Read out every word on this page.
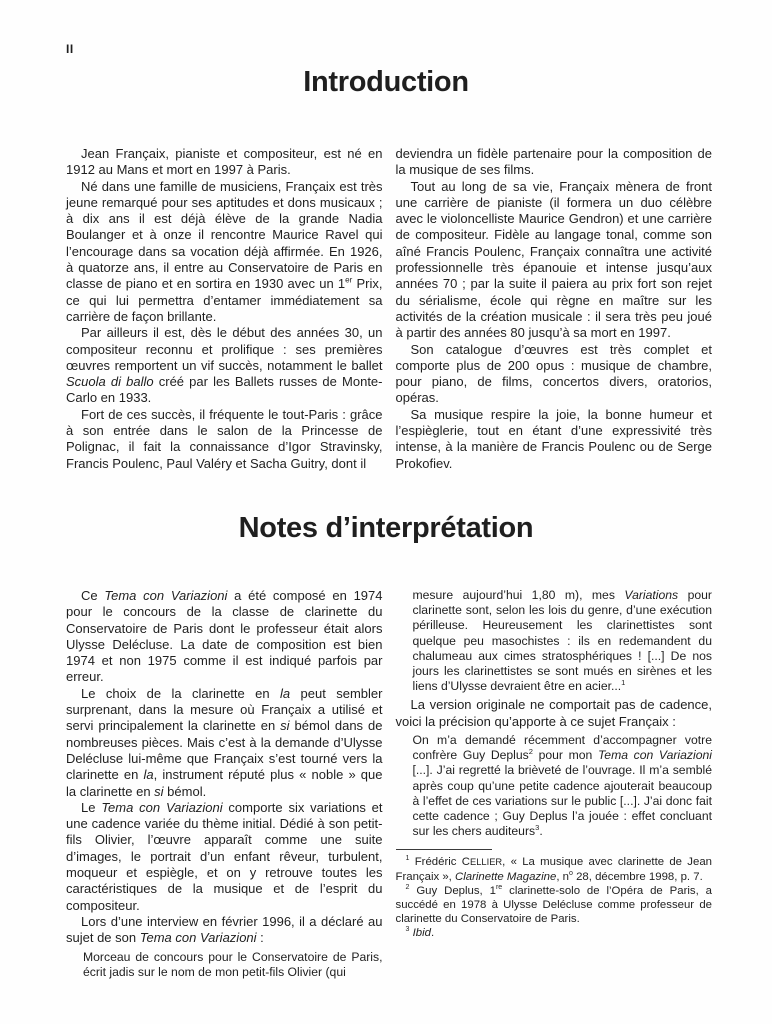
II
Introduction

Jean Françaix, pianiste et compositeur, est né en 1912 au Mans et mort en 1997 à Paris.

Né dans une famille de musiciens, Françaix est très jeune remarqué pour ses aptitudes et dons musicaux ; à dix ans il est déjà élève de la grande Nadia Boulanger et à onze il rencontre Maurice Ravel qui l’encourage dans sa vocation déjà affirmée. En 1926, à quatorze ans, il entre au Conservatoire de Paris en classe de piano et en sortira en 1930 avec un 1er Prix, ce qui lui permettra d’entamer immédiatement sa carrière de façon brillante.

Par ailleurs il est, dès le début des années 30, un compositeur reconnu et prolifique : ses premières œuvres remportent un vif succès, notamment le ballet Scuola di ballo créé par les Ballets russes de Monte-Carlo en 1933.

Fort de ces succès, il fréquente le tout-Paris : grâce à son entrée dans le salon de la Princesse de Polignac, il fait la connaissance d’Igor Stravinsky, Francis Poulenc, Paul Valéry et Sacha Guitry, dont il

deviendra un fidèle partenaire pour la composition de la musique de ses films.

Tout au long de sa vie, Françaix mènera de front une carrière de pianiste (il formera un duo célèbre avec le violoncelliste Maurice Gendron) et une carrière de compositeur. Fidèle au langage tonal, comme son aîné Francis Poulenc, Françaix connaîtra une activité professionnelle très épanouie et intense jusqu’aux années 70 ; par la suite il paiera au prix fort son rejet du sérialisme, école qui règne en maître sur les activités de la création musicale : il sera très peu joué à partir des années 80 jusqu’à sa mort en 1997.

Son catalogue d’œuvres est très complet et comporte plus de 200 opus : musique de chambre, pour piano, de films, concertos divers, oratorios, opéras.

Sa musique respire la joie, la bonne humeur et l’espièglerie, tout en étant d’une expressivité très intense, à la manière de Francis Poulenc ou de Serge Prokofiev.

Notes d’interprétation

Ce Tema con Variazioni a été composé en 1974 pour le concours de la classe de clarinette du Conservatoire de Paris dont le professeur était alors Ulysse Delécluse. La date de composition est bien 1974 et non 1975 comme il est indiqué parfois par erreur.

Le choix de la clarinette en la peut sembler surprenant, dans la mesure où Françaix a utilisé et servi principalement la clarinette en si bémol dans de nombreuses pièces. Mais c’est à la demande d’Ulysse Delécluse lui-même que Françaix s’est tourné vers la clarinette en la, instrument réputé plus « noble » que la clarinette en si bémol.

Le Tema con Variazioni comporte six variations et une cadence variée du thème initial. Dédié à son petit-fils Olivier, l’œuvre apparaît comme une suite d’images, le portrait d’un enfant rêveur, turbulent, moqueur et espiègle, et on y retrouve toutes les caractéristiques de la musique et de l’esprit du compositeur.

Lors d’une interview en février 1996, il a déclaré au sujet de son Tema con Variazioni :

Morceau de concours pour le Conservatoire de Paris, écrit jadis sur le nom de mon petit-fils Olivier (qui

mesure aujourd’hui 1,80 m), mes Variations pour clarinette sont, selon les lois du genre, d’une exécution périlleuse. Heureusement les clarinettistes sont quelque peu masochistes : ils en redemandent du chalumeau aux cimes stratosphériques ! [...] De nos jours les clarinettistes se sont mués en sirènes et les liens d’Ulysse devraient être en acier...$^1$

La version originale ne comportait pas de cadence, voici la précision qu’apporte à ce sujet Françaix :

On m’a demandé récemment d’accompagner votre confrère Guy Deplus$^2$ pour mon Tema con Variazioni [...]. J’ai regretté la brièveté de l’ouvrage. Il m’a semblé après coup qu’une petite cadence ajouterait beaucoup à l’effet de ces variations sur le public [...]. J’ai donc fait cette cadence ; Guy Deplus l’a jouée : effet concluant sur les chers auditeurs$^3$.

$^1$ Frédéric CELLIER, « La musique avec clarinette de Jean Françaix », Clarinette Magazine, $n^o$ 28, décembre 1998, p. 7.

$^2$ Guy Deplus, 1re clarinette-solo de l’Opéra de Paris, a succédé en 1978 à Ulysse Delécluse comme professeur de clarinette du Conservatoire de Paris.

$^3$ Ibid.
